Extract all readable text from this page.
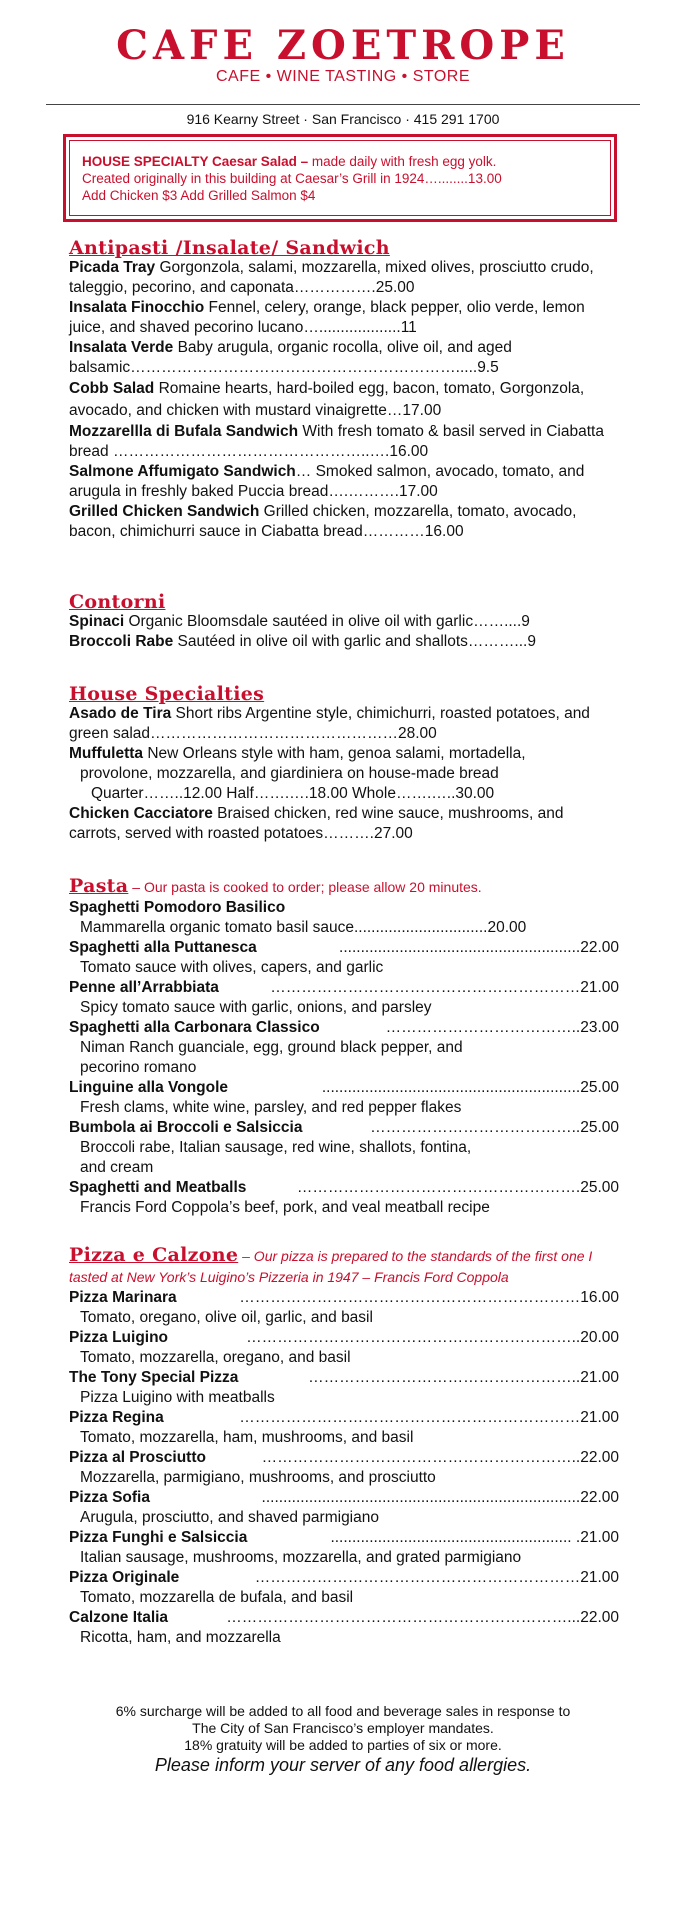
CAFE ZOETROPE
CAFE • WINE TASTING • STORE
916 Kearny Street · San Francisco · 415 291 1700
HOUSE SPECIALTY Caesar Salad – made daily with fresh egg yolk.
Created originally in this building at Caesar’s Grill in 1924…........13.00
Add Chicken $3 Add Grilled Salmon $4
Antipasti /Insalate/ Sandwich

Picada Tray Gorgonzola, salami, mozzarella, mixed olives, prosciutto crudo, taleggio, pecorino, and caponata…………….25.00

Insalata Finocchio Fennel, celery, orange, black pepper, olio verde, lemon juice, and shaved pecorino lucano…...................11

Insalata Verde Baby arugula, organic rocolla, olive oil, and aged balsamic……………………………………………………….....9.5

Cobb Salad Romaine hearts, hard-boiled egg, bacon, tomato, Gorgonzola, avocado, and chicken with mustard vinaigrette…17.00

Mozzarellla di Bufala Sandwich With fresh tomato & basil served in Ciabatta bread …………………………………………..….16.00

Salmone Affumigato Sandwich… Smoked salmon, avocado, tomato, and arugula in freshly baked Puccia bread….……….17.00

Grilled Chicken Sandwich Grilled chicken, mozzarella, tomato, avocado, bacon, chimichurri sauce in Ciabatta bread…………16.00

Contorni

Spinaci Organic Bloomsdale sautéed in olive oil with garlic……....9

Broccoli Rabe Sautéed in olive oil with garlic and shallots………...9

House Specialties

Asado de Tira Short ribs Argentine style, chimichurri, roasted potatoes, and green salad…………………………………………28.00

Muffuletta New Orleans style with ham, genoa salami, mortadella,

provolone, mozzarella, and giardiniera on house-made bread

Quarter……..12.00 Half…….….18.00 Whole…….…..30.00

Chicken Cacciatore Braised chicken, red wine sauce, mushrooms, and carrots, served with roasted potatoes……….27.00

Pasta – Our pasta is cooked to order; please allow 20 minutes.
Spaghetti Pomodoro Basilico
Mammarella organic tomato basil sauce...............................20.00
Spaghetti alla Puttanesca	........................................................22.00
Tomato sauce with olives, capers, and garlic
Penne all’Arrabbiata	……………………………………………………21.00
Spicy tomato sauce with garlic, onions, and parsley
Spaghetti alla Carbonara Classico	………………………………..23.00
Niman Ranch guanciale, egg, ground black pepper, and
pecorino romano
Linguine alla Vongole	............................................................25.00
Fresh clams, white wine, parsley, and red pepper flakes
Bumbola ai Broccoli e Salsiccia	…………………………………..25.00
Broccoli rabe, Italian sausage, red wine, shallots, fontina,
and cream
Spaghetti and Meatballs	……………………………………………….25.00
Francis Ford Coppola’s beef, pork, and veal meatball recipe
Pizza e Calzone – Our pizza is prepared to the standards of the first one I tasted at New York’s Luigino’s Pizzeria in 1947 – Francis Ford Coppola
Pizza Marinara	…………………………………………………………16.00
Tomato, oregano, olive oil, garlic, and basil
Pizza Luigino	………………………………………………………..20.00
Tomato, mozzarella, oregano, and basil
The Tony Special Pizza	……………………………………………..21.00
Pizza Luigino with meatballs
Pizza Regina	…………………………………………………………21.00
Tomato, mozzarella, ham, mushrooms, and basil
Pizza al Prosciutto	……………………………………………………..22.00
Mozzarella, parmigiano, mushrooms, and prosciutto
Pizza Sofia	..........................................................................22.00
Arugula, prosciutto, and shaved parmigiano
Pizza Funghi e Salsiccia	........................................................ .21.00
Italian sausage, mushrooms, mozzarella, and grated parmigiano
Pizza Originale	………………………………………………………21.00
Tomato, mozzarella de bufala, and basil
Calzone Italia	…………………………………………………………...22.00
Ricotta, ham, and mozzarella
6% surcharge will be added to all food and beverage sales in response to
The City of San Francisco’s employer mandates.
18% gratuity will be added to parties of six or more.
Please inform your server of any food allergies.
